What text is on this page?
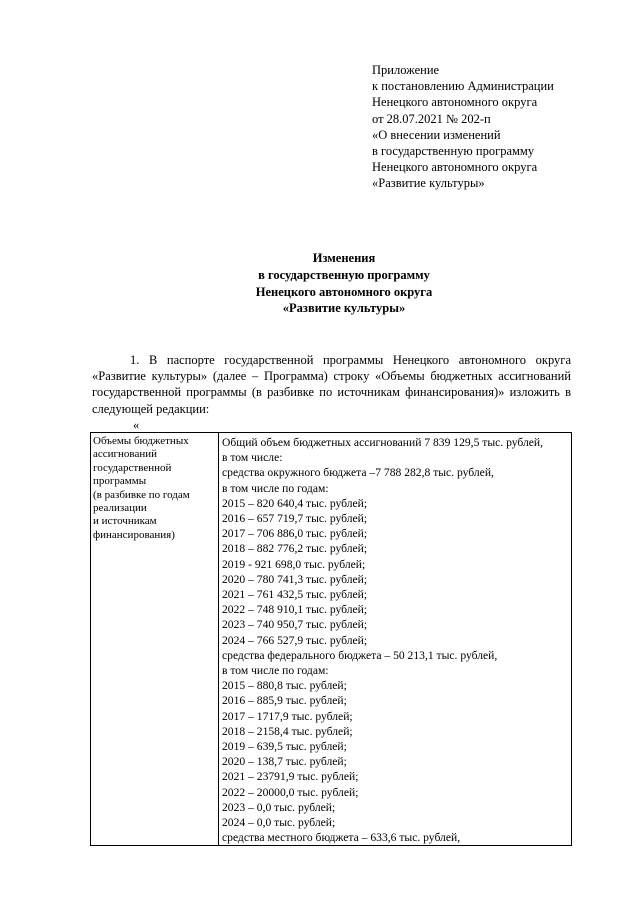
Приложение
к постановлению Администрации
Ненецкого автономного округа
от 28.07.2021 № 202-п
«О внесении изменений
в государственную программу
Ненецкого автономного округа
«Развитие культуры»
Изменения
в государственную программу
Ненецкого автономного округа
«Развитие культуры»
1. В паспорте государственной программы Ненецкого автономного округа «Развитие культуры» (далее – Программа) строку «Объемы бюджетных ассигнований государственной программы (в разбивке по источникам финансирования)» изложить в следующей редакции:
«
Объемы бюджетных
ассигнований
государственной
программы
(в разбивке по годам
реализации
и источникам
финансирования)

Общий объем бюджетных ассигнований 7 839 129,5 тыс. рублей,
в том числе:
средства окружного бюджета –7 788 282,8 тыс. рублей,
в том числе по годам:
2015 – 820 640,4 тыс. рублей;
2016 – 657 719,7 тыс. рублей;
2017 – 706 886,0 тыс. рублей;
2018 – 882 776,2 тыс. рублей;
2019 - 921 698,0 тыс. рублей;
2020 – 780 741,3 тыс. рублей;
2021 – 761 432,5 тыс. рублей;
2022 – 748 910,1 тыс. рублей;
2023 – 740 950,7 тыс. рублей;
2024 – 766 527,9 тыс. рублей;
средства федерального бюджета – 50 213,1 тыс. рублей,
в том числе по годам:
2015 – 880,8 тыс. рублей;
2016 – 885,9 тыс. рублей;
2017 – 1717,9 тыс. рублей;
2018 – 2158,4 тыс. рублей;
2019 – 639,5 тыс. рублей;
2020 – 138,7 тыс. рублей;
2021 – 23791,9 тыс. рублей;
2022 – 20000,0 тыс. рублей;
2023 – 0,0 тыс. рублей;
2024 – 0,0 тыс. рублей;
средства местного бюджета – 633,6 тыс. рублей,
